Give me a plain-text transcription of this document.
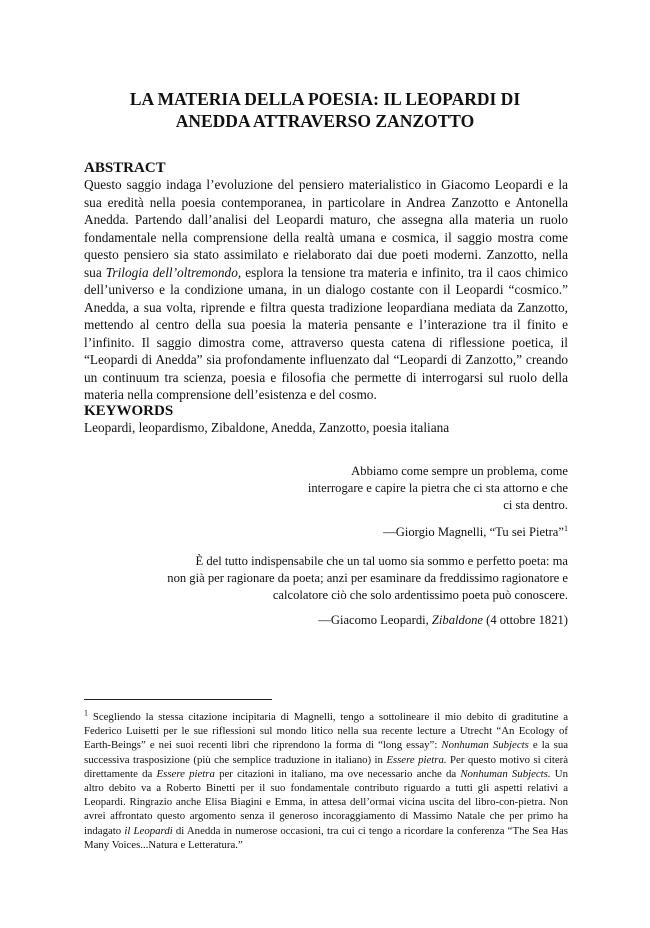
LA MATERIA DELLA POESIA: IL LEOPARDI DI
ANEDDA ATTRAVERSO ZANZOTTO
ABSTRACT

Questo saggio indaga l’evoluzione del pensiero materialistico in Giacomo Leopardi e la sua eredità nella poesia contemporanea, in particolare in Andrea Zanzotto e Antonella Anedda. Partendo dall’analisi del Leopardi maturo, che assegna alla materia un ruolo fondamentale nella comprensione della realtà umana e cosmica, il saggio mostra come questo pensiero sia stato assimilato e rielaborato dai due poeti moderni. Zanzotto, nella sua Trilogia dell’oltremondo, esplora la tensione tra materia e infinito, tra il caos chimico dell’universo e la condizione umana, in un dialogo costante con il Leopardi “cosmico.” Anedda, a sua volta, riprende e filtra questa tradizione leopardiana mediata da Zanzotto, mettendo al centro della sua poesia la materia pensante e l’interazione tra il finito e l’infinito. Il saggio dimostra come, attraverso questa catena di riflessione poetica, il “Leopardi di Anedda” sia profondamente influenzato dal “Leopardi di Zanzotto,” creando un continuum tra scienza, poesia e filosofia che permette di interrogarsi sul ruolo della materia nella comprensione dell’esistenza e del cosmo.

KEYWORDS

Leopardi, leopardismo, Zibaldone, Anedda, Zanzotto, poesia italiana

Abbiamo come sempre un problema, come
interrogare e capire la pietra che ci sta attorno e che
ci sta dentro.

—Giorgio Magnelli, “Tu sei Pietra”$^1$

È del tutto indispensabile che un tal uomo sia sommo e perfetto poeta: ma
non già per ragionare da poeta; anzi per esaminare da freddissimo ragionatore e
calcolatore ciò che solo ardentissimo poeta può conoscere.

—Giacomo Leopardi, Zibaldone (4 ottobre 1821)

$^1$ Scegliendo la stessa citazione incipitaria di Magnelli, tengo a sottolineare il mio debito di graditutine a Federico Luisetti per le sue riflessioni sul mondo litico nella sua recente lecture a Utrecht “An Ecology of Earth-Beings” e nei suoi recenti libri che riprendono la forma di “long essay”: Nonhuman Subjects e la sua successiva trasposizione (più che semplice traduzione in italiano) in Essere pietra. Per questo motivo si citerà direttamente da Essere pietra per citazioni in italiano, ma ove necessario anche da Nonhuman Subjects. Un altro debito va a Roberto Binetti per il suo fondamentale contributo riguardo a tutti gli aspetti relativi a Leopardi. Ringrazio anche Elisa Biagini e Emma, in attesa dell’ormai vicina uscita del libro-con-pietra. Non avrei affrontato questo argomento senza il generoso incoraggiamento di Massimo Natale che per primo ha indagato il Leopardi di Anedda in numerose occasioni, tra cui ci tengo a ricordare la conferenza “The Sea Has Many Voices...Natura e Letteratura.”
